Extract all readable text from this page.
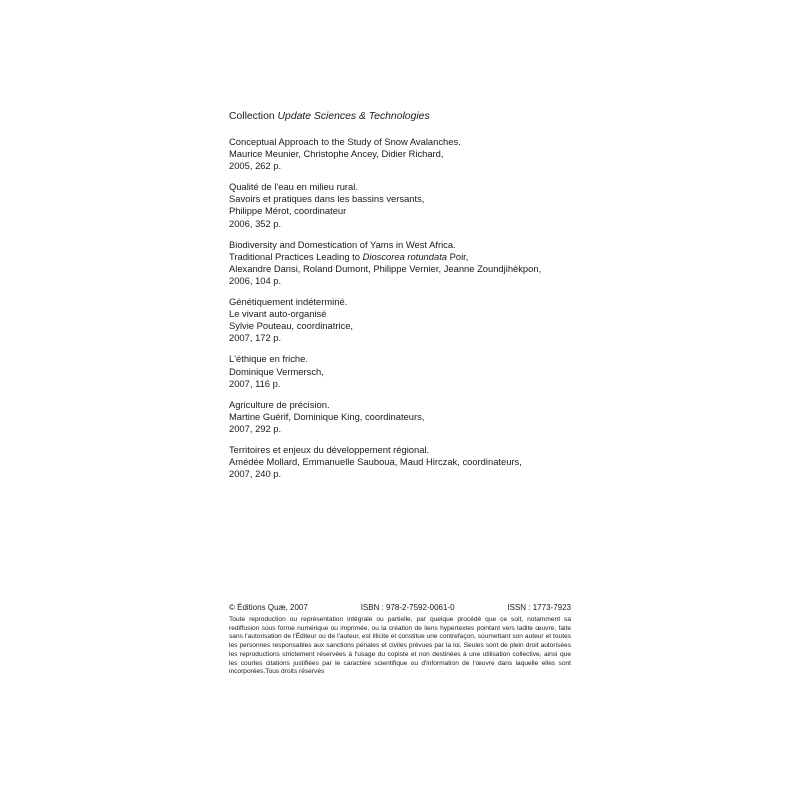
Collection Update Sciences & Technologies
Conceptual Approach to the Study of Snow Avalanches.
Maurice Meunier, Christophe Ancey, Didier Richard,
2005, 262 p.
Qualité de l'eau en milieu rural.
Savoirs et pratiques dans les bassins versants,
Philippe Mérot, coordinateur
2006, 352 p.
Biodiversity and Domestication of Yams in West Africa.
Traditional Practices Leading to Dioscorea rotundata Poir,
Alexandre Dansi, Roland Dumont, Philippe Vernier, Jeanne Zoundjihèkpon,
2006, 104 p.
Génétiquement indéterminé.
Le vivant auto-organisé
Sylvie Pouteau, coordinatrice,
2007, 172 p.
L'éthique en friche.
Dominique Vermersch,
2007, 116 p.
Agriculture de précision.
Martine Guérif, Dominique King, coordinateurs,
2007, 292 p.
Territoires et enjeux du développement régional.
Amédée Mollard, Emmanuelle Sauboua, Maud Hirczak, coordinateurs,
2007, 240 p.
© Éditions Quæ, 2007	ISBN : 978-2-7592-0061-0	ISSN : 1773-7923

Toute reproduction ou représentation intégrale ou partielle, par quelque procédé que ce soit, notamment sa rediffusion sous forme numérique ou imprimée, ou la création de liens hypertextes pointant vers ladite œuvre, faite sans l'autorisation de l'Éditeur ou de l'auteur, est illicite et constitue une contrefaçon, soumettant son auteur et toutes les personnes responsables aux sanctions pénales et civiles prévues par la loi. Seules sont de plein droit autorisées les reproductions strictement réservées à l'usage du copiste et non destinées à une utilisation collective, ainsi que les courtes citations justifiées par le caractère scientifique ou d'information de l'œuvre dans laquelle elles sont incorporées.Tous droits réservés
